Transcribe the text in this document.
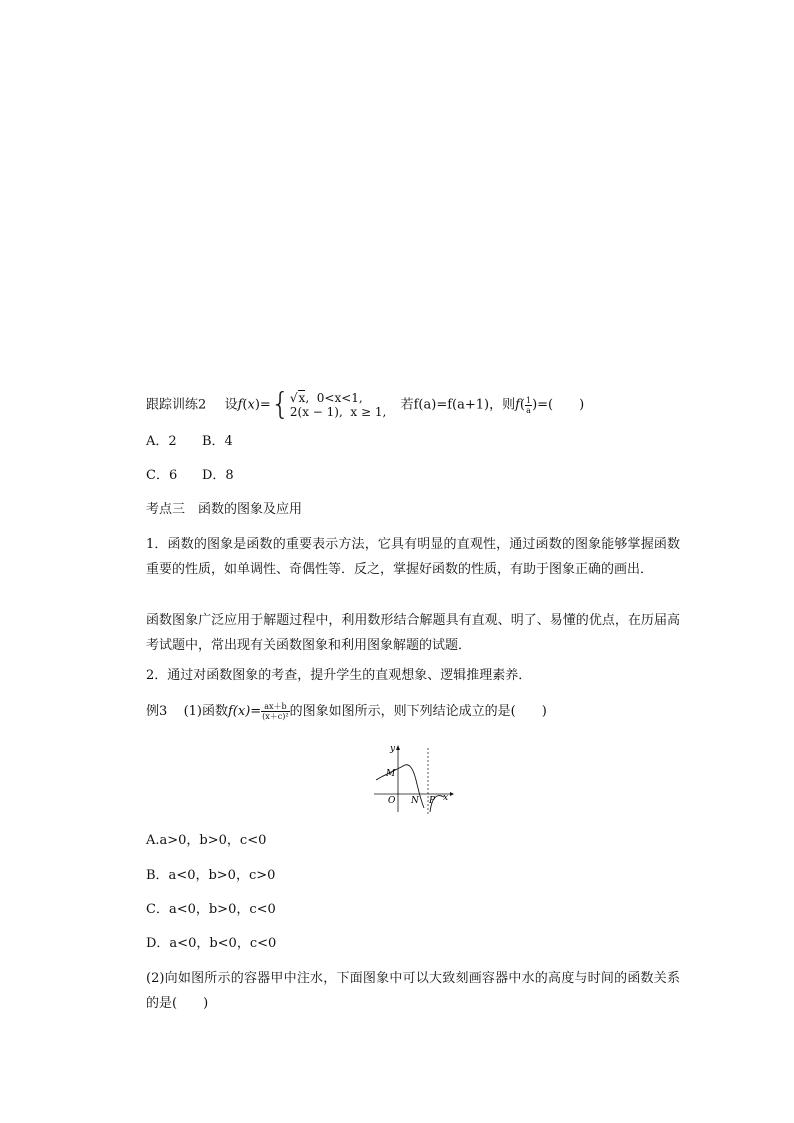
跟踪训练2 设f(x)={ √x,  0<x<1,
2(x − 1), x ≥ 1, 若f(a)=f(a+1)，则$f( \frac{1}{a}$ )=(　　)
A．2 B．4
C．6 D．8
考点三　函数的图象及应用
1．函数的图象是函数的重要表示方法，它具有明显的直观性，通过函数的图象能够掌握函数重要的性质，如单调性、奇偶性等．反之，掌握好函数的性质，有助于图象正确的画出．
函数图象广泛应用于解题过程中，利用数形结合解题具有直观、明了、易懂的优点，在历届高考试题中，常出现有关函数图象和利用图象解题的试题．
2．通过对函数图象的考查，提升学生的直观想象、逻辑推理素养．
例3 (1)函数$f(x)= \frac{ax+b}{\text{(x＋c)²}}$ 的图象如图所示，则下列结论成立的是(　　)
y
x
O
M
N P
A.a>0，b>0，c<0
B．a<0，b>0，c>0
C．a<0，b>0，c<0
D．a<0，b<0，c<0
(2)向如图所示的容器甲中注水，下面图象中可以大致刻画容器中水的高度与时间的函数关系的是(　　)
